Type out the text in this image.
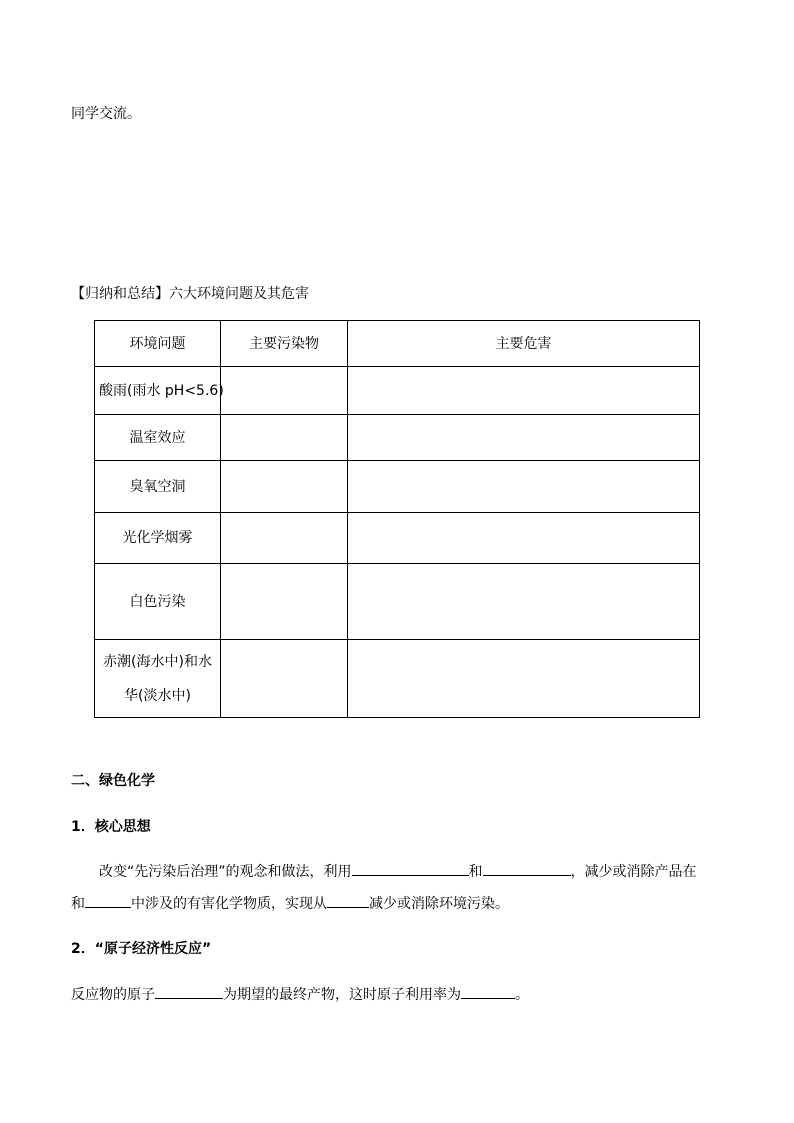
同学交流。
【归纳和总结】六大环境问题及其危害
环境问题	主要污染物	主要危害
酸雨(雨水 pH<5.6)		
温室效应		
臭氧空洞		
光化学烟雾		
白色污染		

赤潮(海水中)和水
华(淡水中)		

二、绿色化学
1．核心思想
改变“先污染后治理”的观念和做法，利用	和	，减少或消除产品在
和	中涉及的有害化学物质，实现从	减少或消除环境污染。
2．“原子经济性反应”
反应物的原子	为期望的最终产物，这时原子利用率为	。
